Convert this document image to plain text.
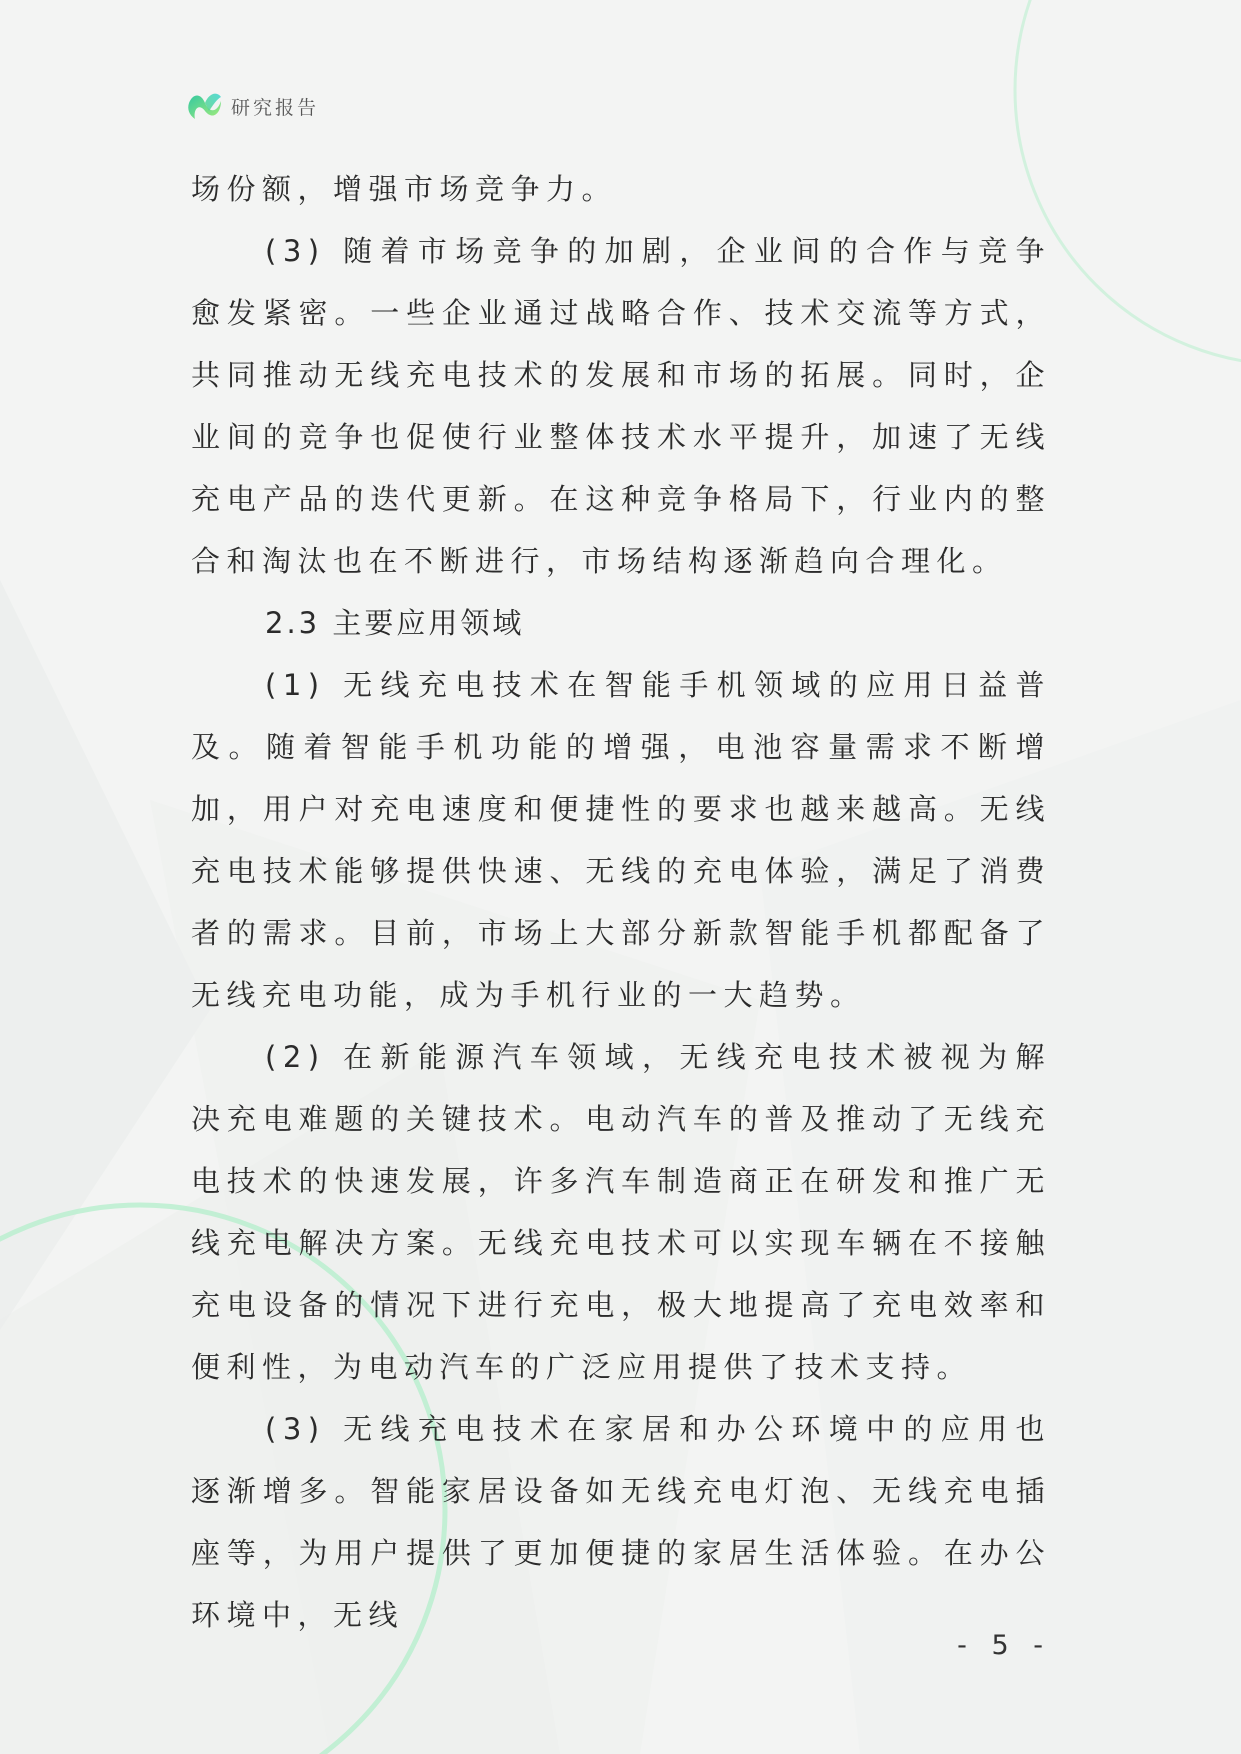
研究报告

场份额，增强市场竞争力。

(3) 随着市场竞争的加剧，企业间的合作与竞争愈发紧密。一些企业通过战略合作、技术交流等方式，共同推动无线充电技术的发展和市场的拓展。同时，企业间的竞争也促使行业整体技术水平提升，加速了无线充电产品的迭代更新。在这种竞争格局下，行业内的整合和淘汰也在不断进行，市场结构逐渐趋向合理化。

2.3 主要应用领域

(1) 无线充电技术在智能手机领域的应用日益普及。随着智能手机功能的增强，电池容量需求不断增加，用户对充电速度和便捷性的要求也越来越高。无线充电技术能够提供快速、无线的充电体验，满足了消费者的需求。目前，市场上大部分新款智能手机都配备了无线充电功能，成为手机行业的一大趋势。

(2) 在新能源汽车领域，无线充电技术被视为解决充电难题的关键技术。电动汽车的普及推动了无线充电技术的快速发展，许多汽车制造商正在研发和推广无线充电解决方案。无线充电技术可以实现车辆在不接触充电设备的情况下进行充电，极大地提高了充电效率和便利性，为电动汽车的广泛应用提供了技术支持。

(3) 无线充电技术在家居和办公环境中的应用也逐渐增多。智能家居设备如无线充电灯泡、无线充电插座等，为用户提供了更加便捷的家居生活体验。在办公环境中，无线

- 5 -
